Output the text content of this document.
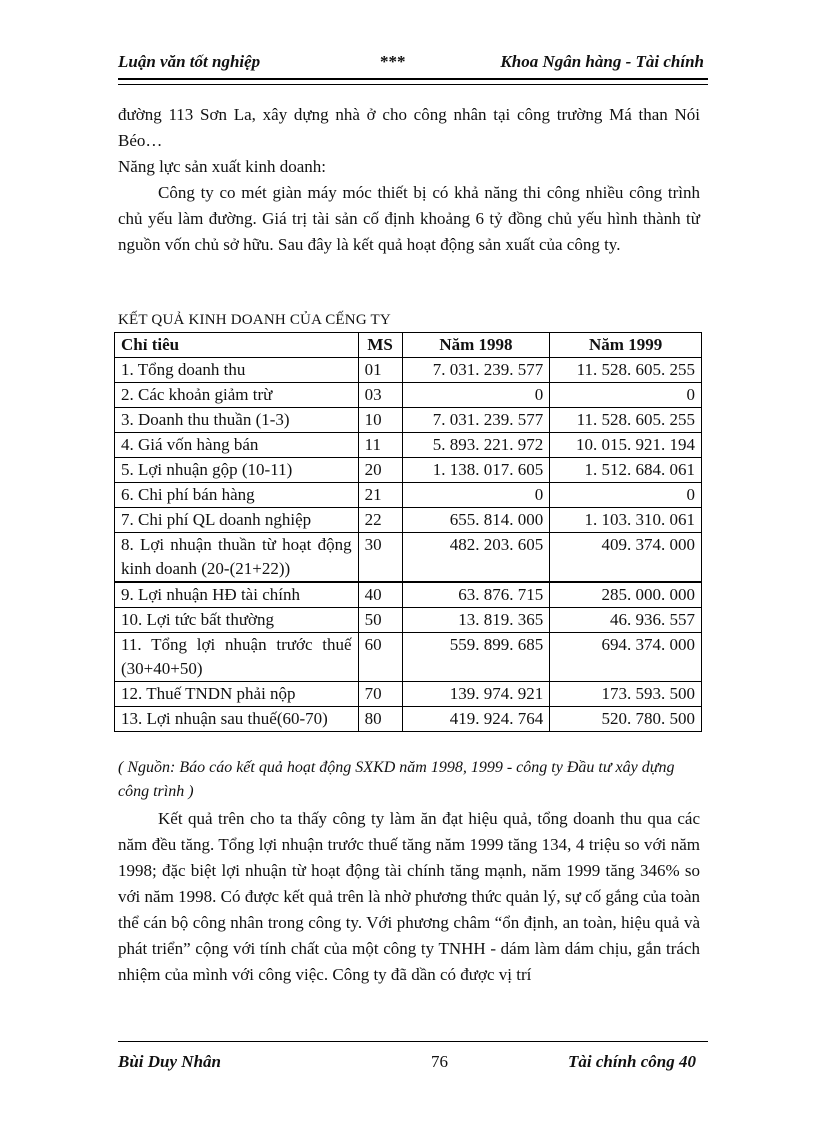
Luận văn tốt nghiệp	***	Khoa Ngân hàng - Tài chính

đường 113 Sơn La, xây dựng nhà ở cho công nhân tại công trường Má than Nói Béo…

Năng lực sản xuất kinh doanh:

Công ty co mét giàn máy móc thiết bị có khả năng thi công nhiều công trình chủ yếu làm đường. Giá trị tài sản cố định khoảng 6 tỷ đồng chủ yếu hình thành từ nguồn vốn chủ sở hữu. Sau đây là kết quả hoạt động sản xuất của công ty.

KẾT QUẢ KINH DOANH CỦA CẾNG TY
Chỉ tiêu	MS	Năm 1998	Năm 1999
1. Tổng doanh thu	01	7. 031. 239. 577	11. 528. 605. 255
2. Các khoản giảm trừ	03	0	0
3. Doanh thu thuần (1-3)	10	7. 031. 239. 577	11. 528. 605. 255
4. Giá vốn hàng bán	11	5. 893. 221. 972	10. 015. 921. 194
5. Lợi nhuận gộp (10-11)	20	1. 138. 017. 605	1. 512. 684. 061
6. Chi phí bán hàng	21	0	0
7. Chi phí QL doanh nghiệp	22	655. 814. 000	1. 103. 310. 061
8. Lợi nhuận thuần từ hoạt động kinh doanh (20-(21+22))	30	482. 203. 605	409. 374. 000
9. Lợi nhuận HĐ tài chính	40	63. 876. 715	285. 000. 000
10. Lợi tức bất thường	50	13. 819. 365	46. 936. 557
11. Tổng lợi nhuận trước thuế (30+40+50)	60	559. 899. 685	694. 374. 000
12. Thuế TNDN phải nộp	70	139. 974. 921	173. 593. 500
13. Lợi nhuận sau thuế(60-70)	80	419. 924. 764	520. 780. 500
( Nguồn: Báo cáo kết quả hoạt động SXKD năm 1998, 1999 - công ty Đầu tư xây dựng công trình )

Kết quả trên cho ta thấy công ty làm ăn đạt hiệu quả, tổng doanh thu qua các năm đều tăng. Tổng lợi nhuận trước thuế tăng năm 1999 tăng 134, 4 triệu so với năm 1998; đặc biệt lợi nhuận từ hoạt động tài chính tăng mạnh, năm 1999 tăng 346% so với năm 1998. Có được kết quả trên là nhờ phương thức quản lý, sự cố gắng của toàn thể cán bộ công nhân trong công ty. Với phương châm “ổn định, an toàn, hiệu quả và phát triển” cộng với tính chất của một công ty TNHH - dám làm dám chịu, gắn trách nhiệm của mình với công việc. Công ty đã dần có được vị trí

Bùi Duy Nhân	76	Tài chính công 40
